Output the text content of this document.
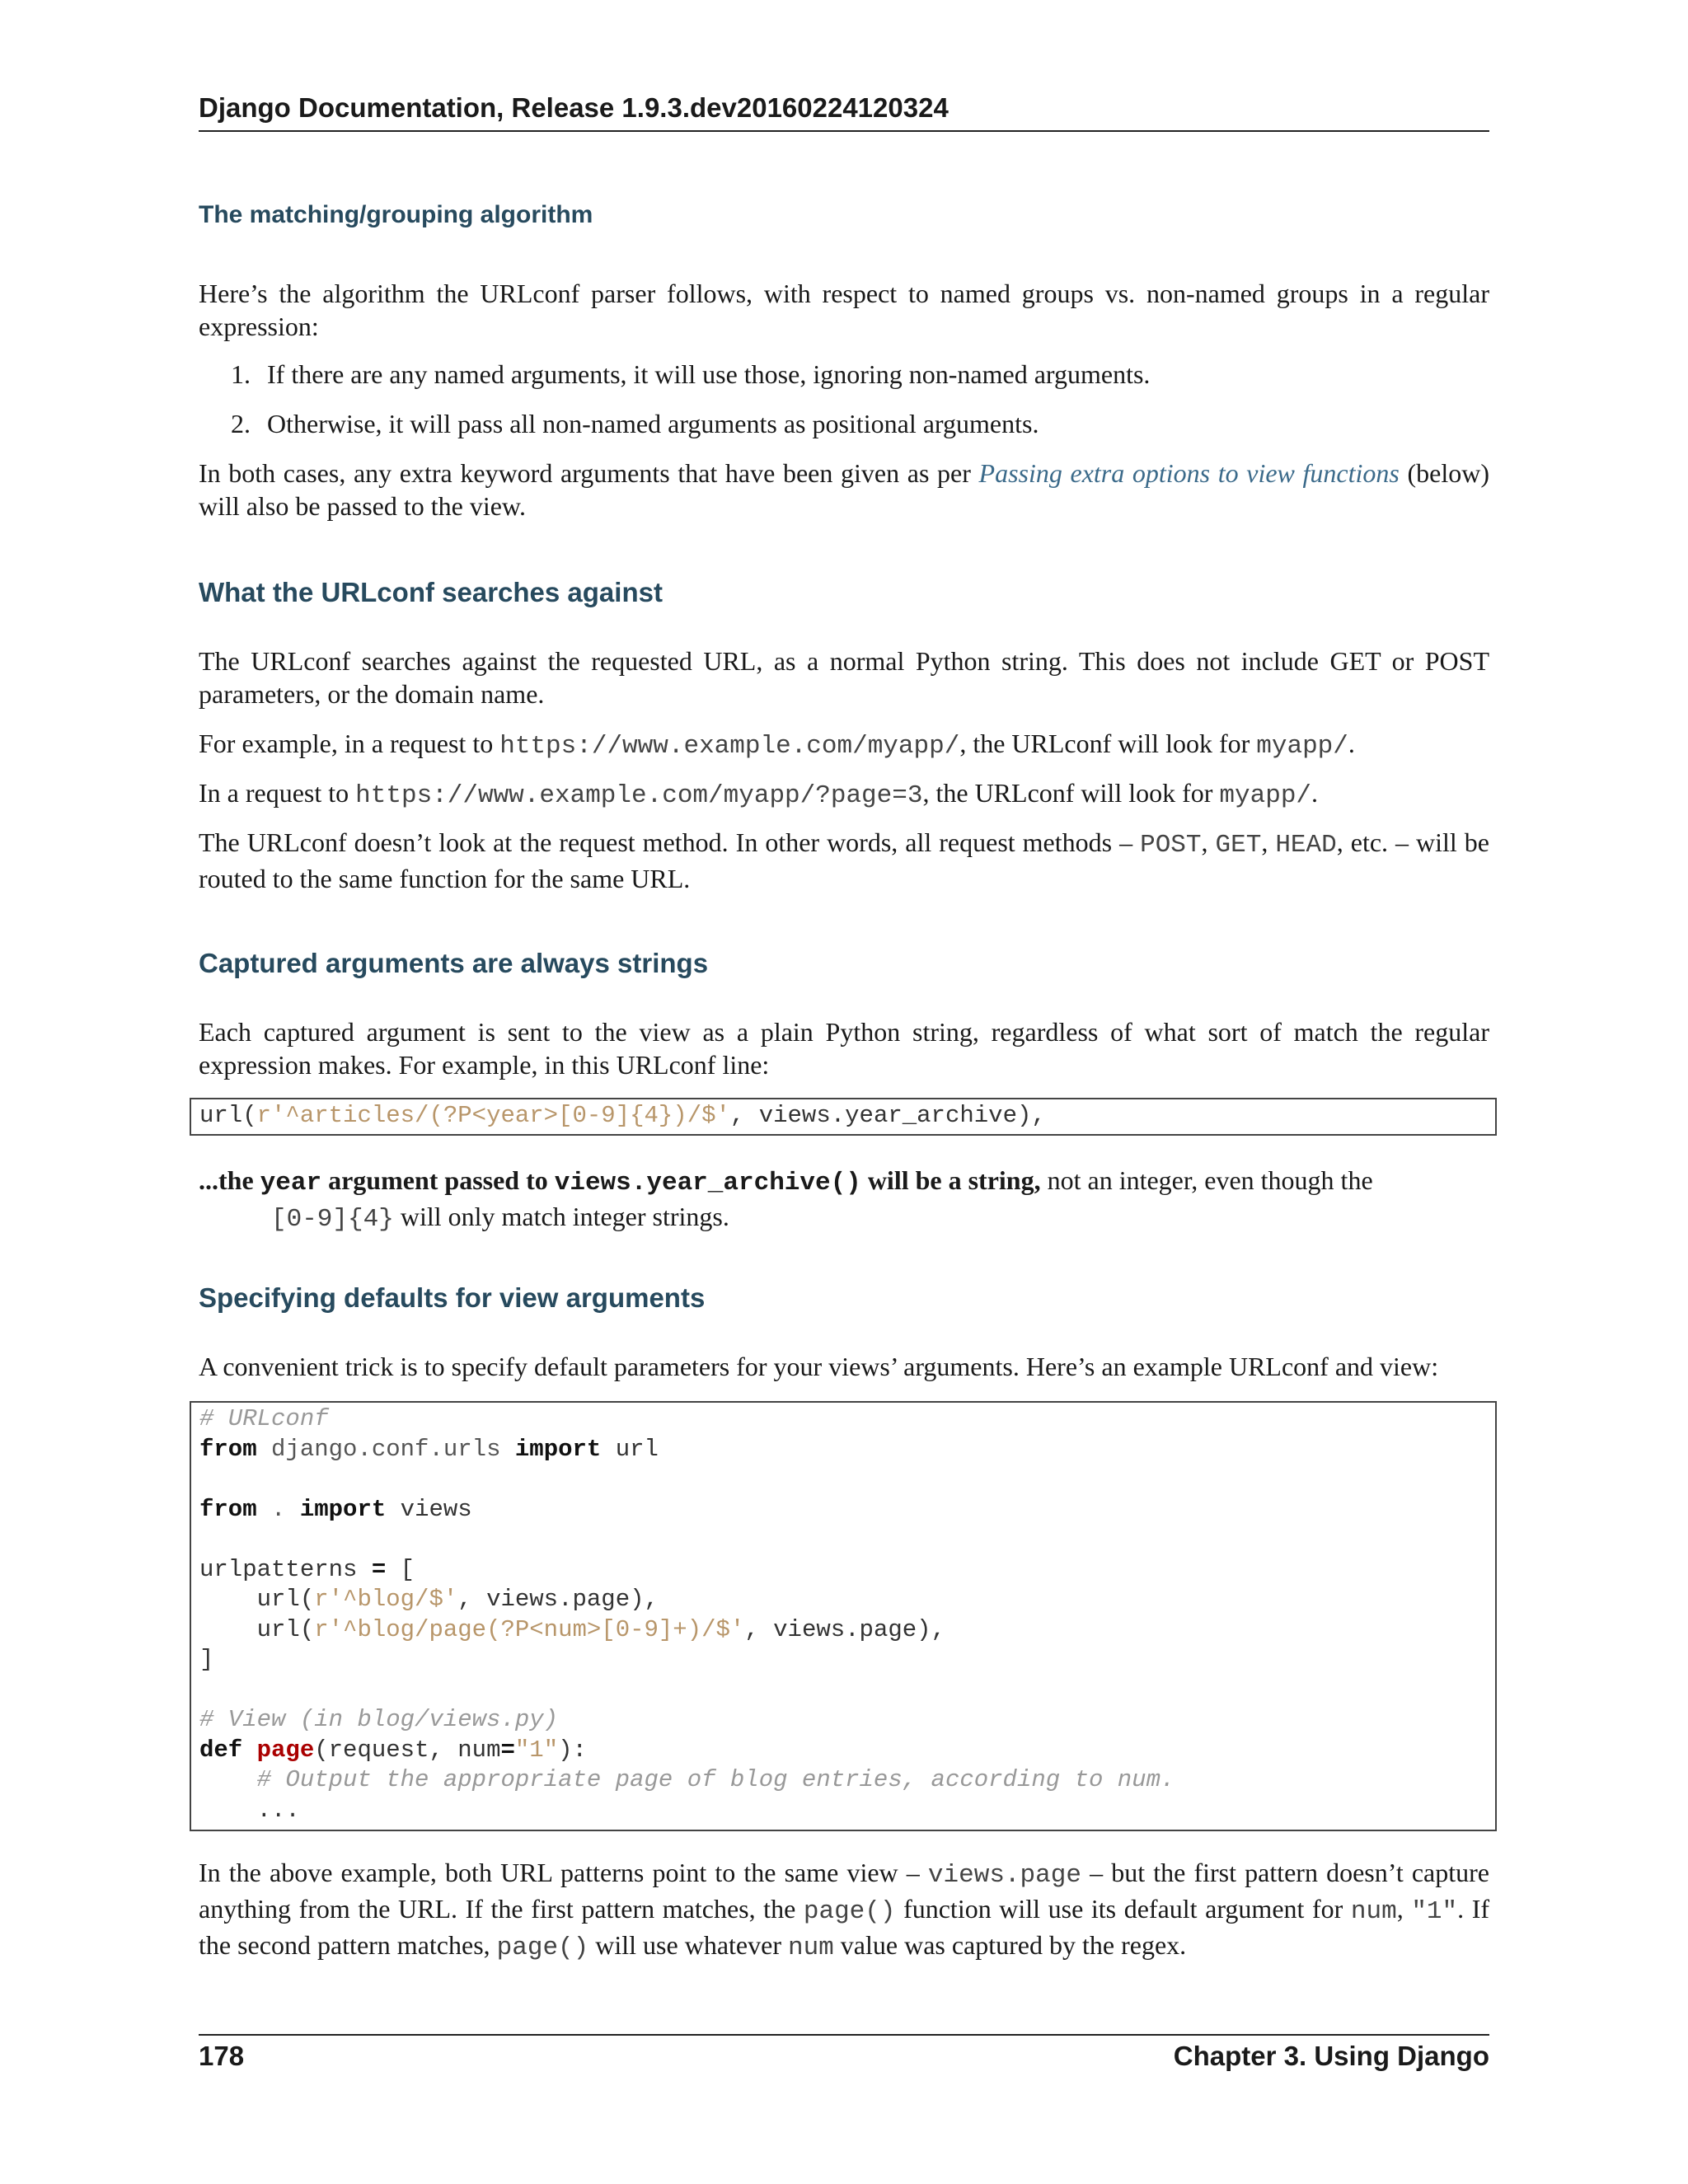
Django Documentation, Release 1.9.3.dev20160224120324
The matching/grouping algorithm

Here’s the algorithm the URLconf parser follows, with respect to named groups vs. non-named groups in a regular expression:

1. If there are any named arguments, it will use those, ignoring non-named arguments.
2. Otherwise, it will pass all non-named arguments as positional arguments.

In both cases, any extra keyword arguments that have been given as per Passing extra options to view functions (below) will also be passed to the view.

What the URLconf searches against

The URLconf searches against the requested URL, as a normal Python string. This does not include GET or POST parameters, or the domain name.

For example, in a request to https://www.example.com/myapp/, the URLconf will look for myapp/.

In a request to https://www.example.com/myapp/?page=3, the URLconf will look for myapp/.

The URLconf doesn’t look at the request method. In other words, all request methods – POST, GET, HEAD, etc. – will be routed to the same function for the same URL.

Captured arguments are always strings

Each captured argument is sent to the view as a plain Python string, regardless of what sort of match the regular expression makes. For example, in this URLconf line:

url(r'^articles/(?P<year>[0-9]{4})/$', views.year_archive),

...the year argument passed to views.year_archive() will be a string, not an integer, even though the
[0-9]{4} will only match integer strings.

Specifying defaults for view arguments

A convenient trick is to specify default parameters for your views’ arguments. Here’s an example URLconf and view:

# URLconf
from django.conf.urls import url

from . import views

urlpatterns = [
url(r'^blog/$', views.page),
url(r'^blog/page(?P<num>[0-9]+)/$', views.page),
]

# View (in blog/views.py)
def page(request, num="1"):
# Output the appropriate page of blog entries, according to num.
...

In the above example, both URL patterns point to the same view – views.page – but the first pattern doesn’t capture anything from the URL. If the first pattern matches, the page() function will use its default argument for num, "1". If the second pattern matches, page() will use whatever num value was captured by the regex.

178	Chapter 3. Using Django
